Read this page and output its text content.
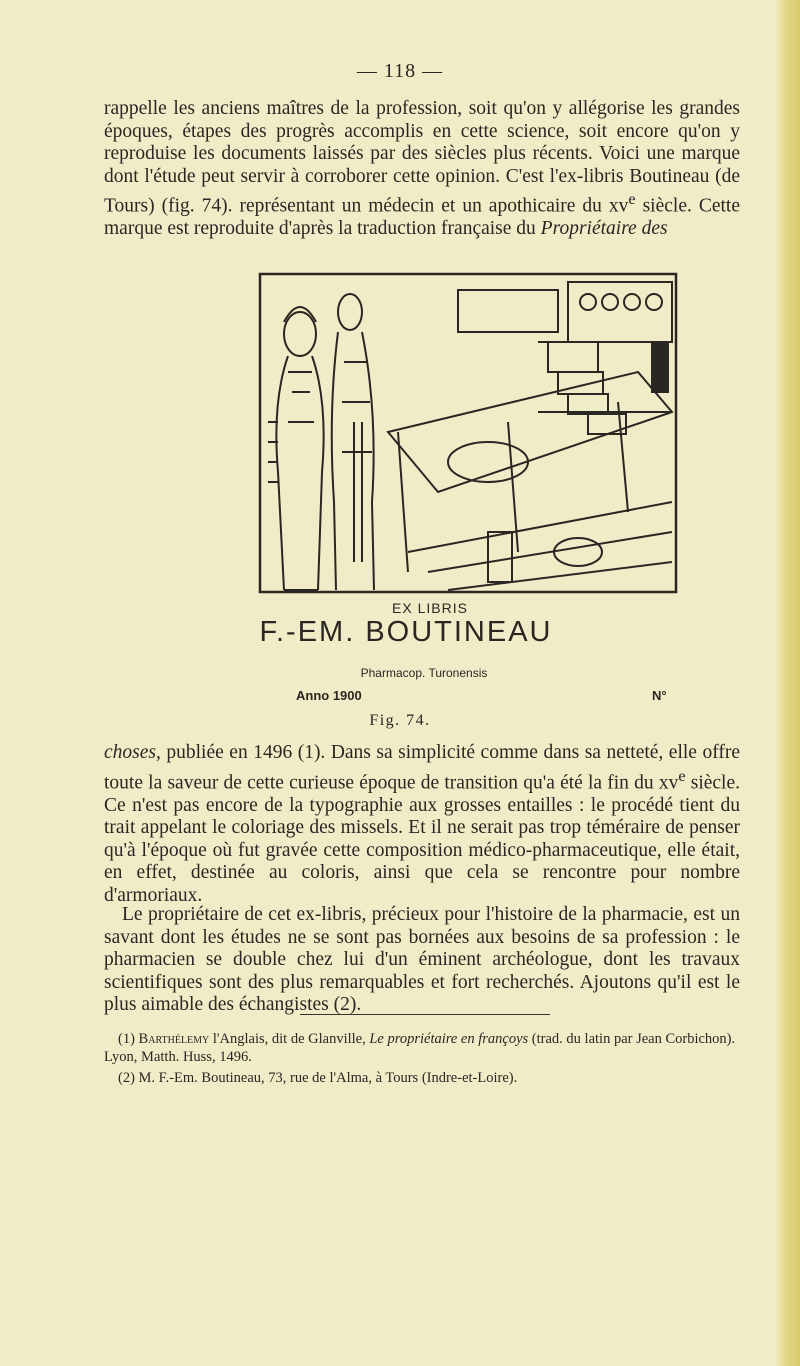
— 118 —

rappelle les anciens maîtres de la profession, soit qu'on y allégorise les grandes époques, étapes des progrès accomplis en cette science, soit encore qu'on y reproduise les documents laissés par des siècles plus récents. Voici une marque dont l'étude peut servir à corroborer cette opinion. C'est l'ex-libris Boutineau (de Tours) (fig. 74). représentant un médecin et un apothicaire du $xv^e$ siècle. Cette marque est reproduite d'après la traduction française du Propriétaire des

EX LIBRIS
F.-EM. BOUTINEAU
Pharmacop. Turonensis
Anno 1900	N°
Fig. 74.

choses, publiée en 1496 (1). Dans sa simplicité comme dans sa netteté, elle offre toute la saveur de cette curieuse époque de transition qu'a été la fin du $xv^e$ siècle. Ce n'est pas encore de la typographie aux grosses entailles : le procédé tient du trait appelant le coloriage des missels. Et il ne serait pas trop téméraire de penser qu'à l'époque où fut gravée cette composition médico-pharmaceutique, elle était, en effet, destinée au coloris, ainsi que cela se rencontre pour nombre d'armoriaux.

Le propriétaire de cet ex-libris, précieux pour l'histoire de la pharmacie, est un savant dont les études ne se sont pas bornées aux besoins de sa profession : le pharmacien se double chez lui d'un éminent archéologue, dont les travaux scientifiques sont des plus remarquables et fort recherchés. Ajoutons qu'il est le plus aimable des échangistes (2).

(1) Barthélemy l'Anglais, dit de Glanville, Le propriétaire en françoys (trad. du latin par Jean Corbichon). Lyon, Matth. Huss, 1496.

(2) M. F.-Em. Boutineau, 73, rue de l'Alma, à Tours (Indre-et-Loire).
